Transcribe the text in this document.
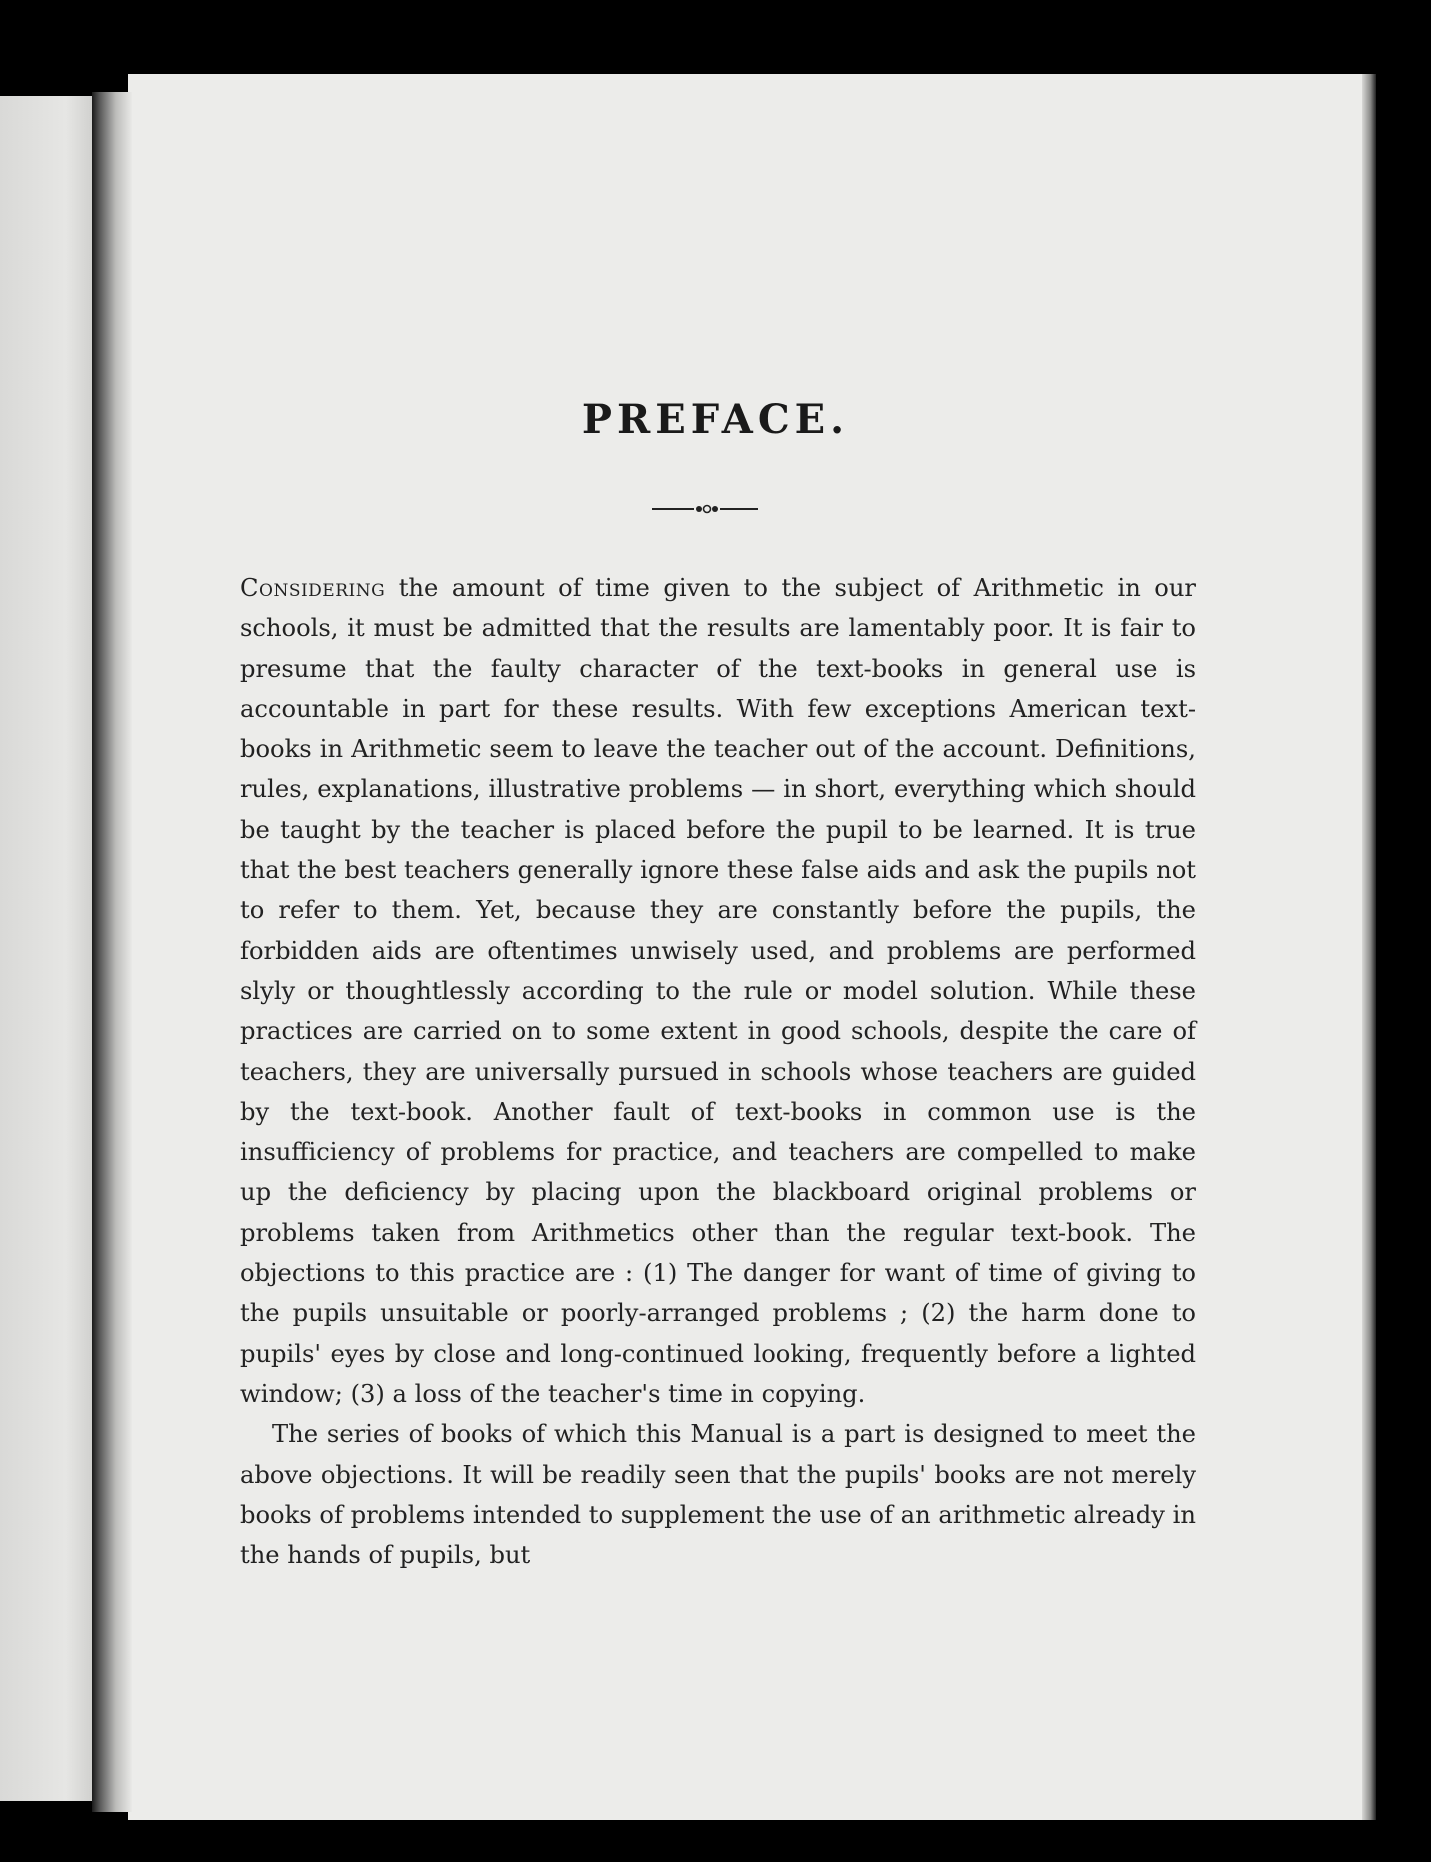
PREFACE.

Considering the amount of time given to the subject of Arithmetic in our schools, it must be admitted that the results are lamentably poor. It is fair to presume that the faulty character of the text-books in general use is accountable in part for these results. With few exceptions American text-books in Arithmetic seem to leave the teacher out of the account. Definitions, rules, explanations, illustrative problems — in short, everything which should be taught by the teacher is placed before the pupil to be learned. It is true that the best teachers generally ignore these false aids and ask the pupils not to refer to them. Yet, because they are constantly before the pupils, the forbidden aids are oftentimes unwisely used, and problems are performed slyly or thoughtlessly according to the rule or model solution. While these practices are carried on to some extent in good schools, despite the care of teachers, they are universally pursued in schools whose teachers are guided by the text-book. Another fault of text-books in common use is the insufficiency of problems for practice, and teachers are compelled to make up the deficiency by placing upon the blackboard original problems or problems taken from Arithmetics other than the regular text-book. The objections to this practice are : (1) The danger for want of time of giving to the pupils unsuitable or poorly-arranged problems ; (2) the harm done to pupils' eyes by close and long-continued looking, frequently before a lighted window; (3) a loss of the teacher's time in copying.

The series of books of which this Manual is a part is designed to meet the above objections. It will be readily seen that the pupils' books are not merely books of problems intended to supplement the use of an arithmetic already in the hands of pupils, but
